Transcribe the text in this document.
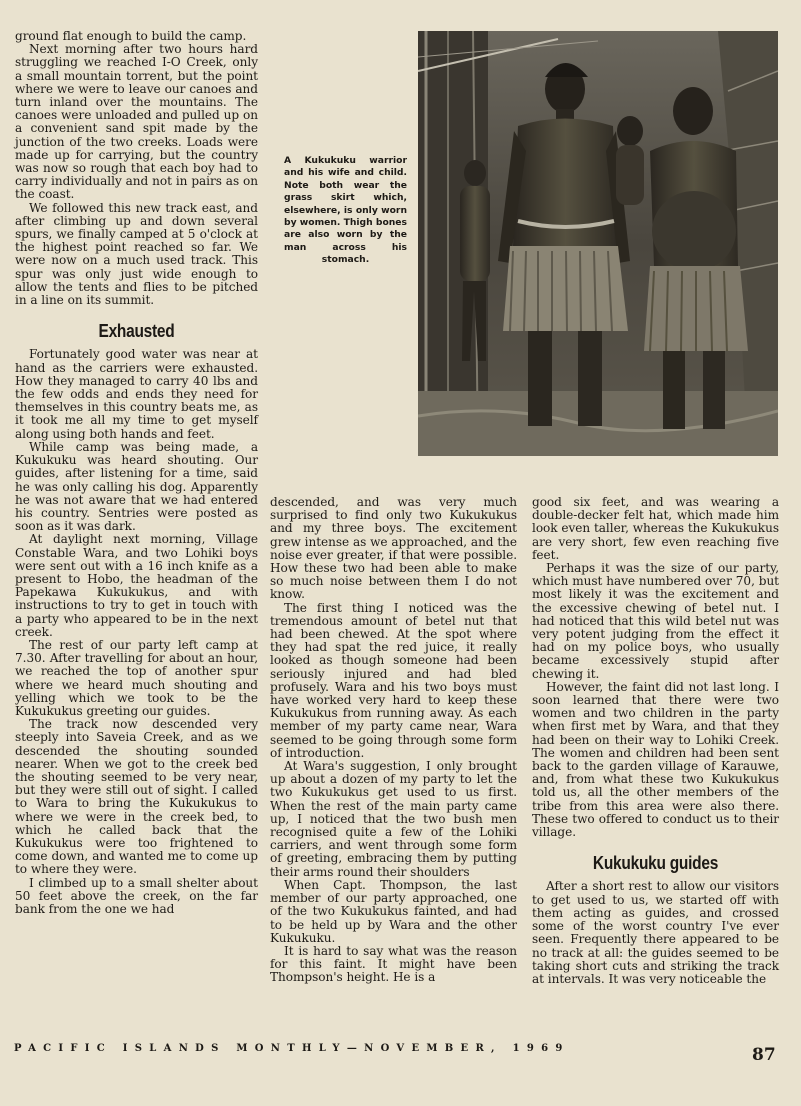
ground flat enough to build the camp.

Next morning after two hours hard struggling we reached I-O Creek, only a small mountain torrent, but the point where we were to leave our canoes and turn inland over the mountains. The canoes were unloaded and pulled up on a convenient sand spit made by the junction of the two creeks. Loads were made up for carrying, but the country was now so rough that each boy had to carry individually and not in pairs as on the coast.

We followed this new track east, and after climbing up and down several spurs, we finally camped at 5 o'clock at the highest point reached so far. We were now on a much used track. This spur was only just wide enough to allow the tents and flies to be pitched in a line on its summit.

Exhausted

Fortunately good water was near at hand as the carriers were exhausted. How they managed to carry 40 lbs and the few odds and ends they need for themselves in this country beats me, as it took me all my time to get myself along using both hands and feet.

While camp was being made, a Kukukuku was heard shouting. Our guides, after listening for a time, said he was only calling his dog. Apparently he was not aware that we had entered his country. Sentries were posted as soon as it was dark.

At daylight next morning, Village Constable Wara, and two Lohiki boys were sent out with a 16 inch knife as a present to Hobo, the headman of the Papekawa Kukukukus, and with instructions to try to get in touch with a party who appeared to be in the next creek.

The rest of our party left camp at 7.30. After travelling for about an hour, we reached the top of another spur where we heard much shouting and yelling which we took to be the Kukukukus greeting our guides.

The track now descended very steeply into Saveia Creek, and as we descended the shouting sounded nearer. When we got to the creek bed the shouting seemed to be very near, but they were still out of sight. I called to Wara to bring the Kukukukus to where we were in the creek bed, to which he called back that the Kukukukus were too frightened to come down, and wanted me to come up to where they were.

I climbed up to a small shelter about 50 feet above the creek, on the far bank from the one we had

A Kukukuku warrior and his wife and child. Note both wear the grass skirt which, elsewhere, is only worn by women. Thigh bones are also worn by the man across his stomach.

descended, and was very much surprised to find only two Kukukukus and my three boys. The excitement grew intense as we approached, and the noise ever greater, if that were possible. How these two had been able to make so much noise between them I do not know.

The first thing I noticed was the tremendous amount of betel nut that had been chewed. At the spot where they had spat the red juice, it really looked as though someone had been seriously injured and had bled profusely. Wara and his two boys must have worked very hard to keep these Kukukukus from running away. As each member of my party came near, Wara seemed to be going through some form of introduction.

At Wara's suggestion, I only brought up about a dozen of my party to let the two Kukukukus get used to us first. When the rest of the main party came up, I noticed that the two bush men recognised quite a few of the Lohiki carriers, and went through some form of greeting, embracing them by putting their arms round their shoulders

When Capt. Thompson, the last member of our party approached, one of the two Kukukukus fainted, and had to be held up by Wara and the other Kukukuku.

It is hard to say what was the reason for this faint. It might have been Thompson's height. He is a

good six feet, and was wearing a double-decker felt hat, which made him look even taller, whereas the Kukukukus are very short, few even reaching five feet.

Perhaps it was the size of our party, which must have numbered over 70, but most likely it was the excitement and the excessive chewing of betel nut. I had noticed that this wild betel nut was very potent judging from the effect it had on my police boys, who usually became excessively stupid after chewing it.

However, the faint did not last long. I soon learned that there were two women and two children in the party when first met by Wara, and that they had been on their way to Lohiki Creek. The women and children had been sent back to the garden village of Karauwe, and, from what these two Kukukukus told us, all the other members of the tribe from this area were also there. These two offered to conduct us to their village.

Kukukuku guides

After a short rest to allow our visitors to get used to us, we started off with them acting as guides, and crossed some of the worst country I've ever seen. Frequently there appeared to be no track at all: the guides seemed to be taking short cuts and striking the track at intervals. It was very noticeable the

PACIFIC ISLANDS MONTHLY—NOVEMBER, 1969	87
